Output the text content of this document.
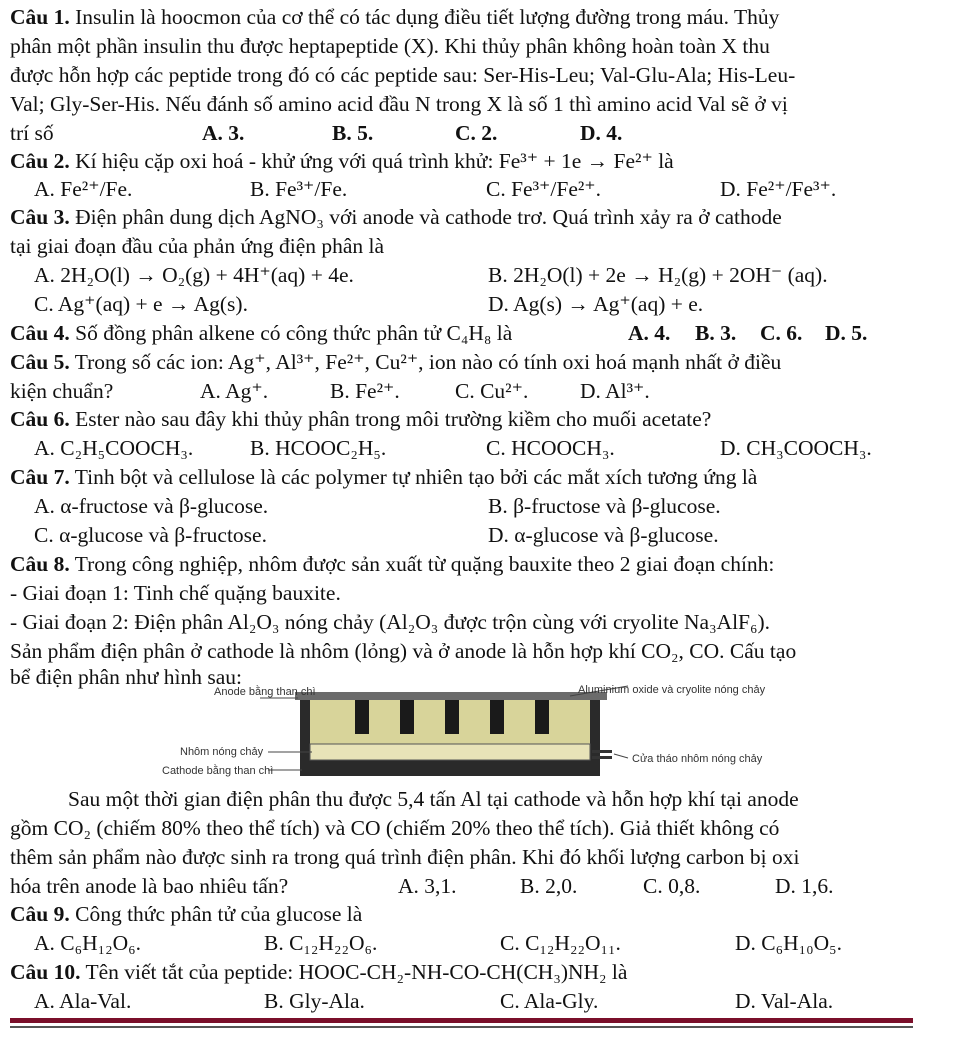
Câu 1. Insulin là hoocmon của cơ thể có tác dụng điều tiết lượng đường trong máu. Thủy
phân một phần insulin thu được heptapeptide (X). Khi thủy phân không hoàn toàn X thu
được hỗn hợp các peptide trong đó có các peptide sau: Ser-His-Leu; Val-Glu-Ala; His-Leu-
Val; Gly-Ser-His. Nếu đánh số amino acid đầu N trong X là số 1 thì amino acid Val sẽ ở vị
trí số	A. 3.	B. 5.	C. 2.	D. 4.
Câu 2. Kí hiệu cặp oxi hoá - khử ứng với quá trình khử: Fe³⁺ + 1e → Fe²⁺ là
A. Fe²⁺/Fe.	B. Fe³⁺/Fe.	C. Fe³⁺/Fe²⁺.	D. Fe²⁺/Fe³⁺.
Câu 3. Điện phân dung dịch AgNO₃ với anode và cathode trơ. Quá trình xảy ra ở cathode
tại giai đoạn đầu của phản ứng điện phân là
A. 2H₂O(l) → O₂(g) + 4H⁺(aq) + 4e.	B. 2H₂O(l) + 2e → H₂(g) + 2OH⁻ (aq).
C. Ag⁺(aq) + e → Ag(s).	D. Ag(s) → Ag⁺(aq) + e.
Câu 4. Số đồng phân alkene có công thức phân tử C₄H₈ là	A. 4. B. 3. C. 6. D. 5.
Câu 5. Trong số các ion: Ag⁺, Al³⁺, Fe²⁺, Cu²⁺, ion nào có tính oxi hoá mạnh nhất ở điều
kiện chuẩn?	A. Ag⁺.	B. Fe²⁺.	C. Cu²⁺. D. Al³⁺.
Câu 6. Ester nào sau đây khi thủy phân trong môi trường kiềm cho muối acetate?
A. C₂H₅COOCH₃.	B. HCOOC₂H₅.	C. HCOOCH₃.	D. CH₃COOCH₃.
Câu 7. Tinh bột và cellulose là các polymer tự nhiên tạo bởi các mắt xích tương ứng là
A. α-fructose và β-glucose.	B. β-fructose và β-glucose.
C. α-glucose và β-fructose.	D. α-glucose và β-glucose.
Câu 8. Trong công nghiệp, nhôm được sản xuất từ quặng bauxite theo 2 giai đoạn chính:
- Giai đoạn 1: Tinh chế quặng bauxite.
- Giai đoạn 2: Điện phân Al₂O₃ nóng chảy (Al₂O₃ được trộn cùng với cryolite Na₃AlF₆).
Sản phẩm điện phân ở cathode là nhôm (lỏng) và ở anode là hỗn hợp khí CO₂, CO. Cấu tạo
bể điện phân như hình sau:
Anode bằng than chì	Aluminium oxide và cryolite nóng chảy
Nhôm nóng chảy
Cathode bằng than chì
Cửa tháo nhôm nóng chảy
Sau một thời gian điện phân thu được 5,4 tấn Al tại cathode và hỗn hợp khí tại anode
gồm CO₂ (chiếm 80% theo thể tích) và CO (chiếm 20% theo thể tích). Giả thiết không có
thêm sản phẩm nào được sinh ra trong quá trình điện phân. Khi đó khối lượng carbon bị oxi
hóa trên anode là bao nhiêu tấn?	A. 3,1.	B. 2,0.	C. 0,8.	D. 1,6.
Câu 9. Công thức phân tử của glucose là
A. C₆H₁₂O₆.	B. C₁₂H₂₂O₆.	C. C₁₂H₂₂O₁₁.	D. C₆H₁₀O₅.
Câu 10. Tên viết tắt của peptide: HOOC-CH₂-NH-CO-CH(CH₃)NH₂ là
A. Ala-Val.	B. Gly-Ala.	C. Ala-Gly.	D. Val-Ala.
